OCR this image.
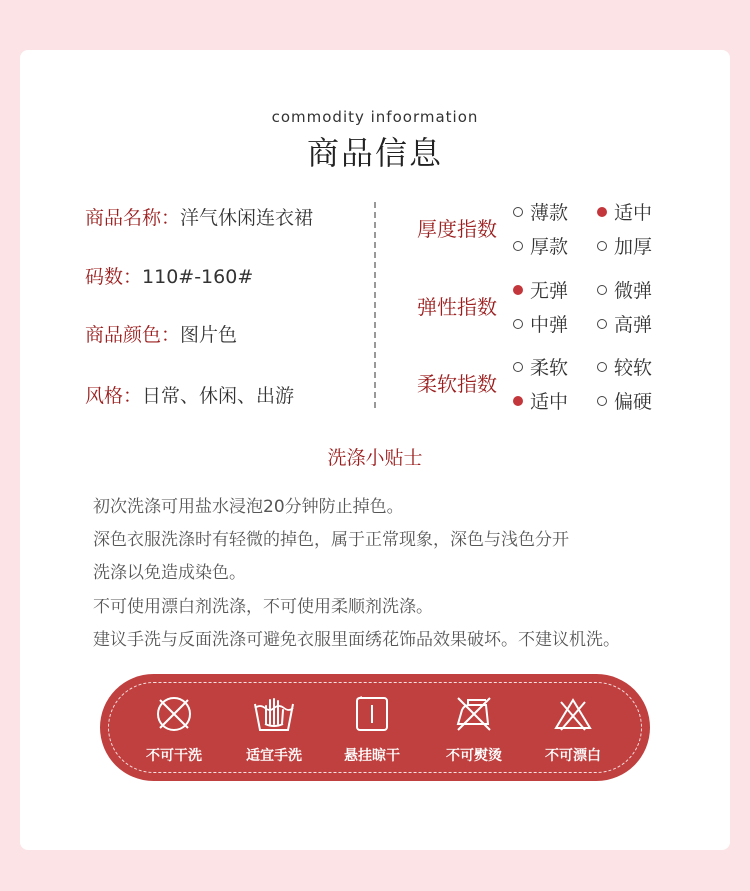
commodity infoormation
商品信息
商品名称：洋气休闲连衣裙
码数：110#-160#
商品颜色：图片色
风格：日常、休闲、出游
厚度指数
薄款 适中
厚款 加厚
弹性指数
无弹 微弹
中弹 高弹
柔软指数
柔软 较软
适中 偏硬
洗涤小贴士
初次洗涤可用盐水浸泡20分钟防止掉色。
深色衣服洗涤时有轻微的掉色，属于正常现象，深色与浅色分开
洗涤以免造成染色。
不可使用漂白剂洗涤，不可使用柔顺剂洗涤。
建议手洗与反面洗涤可避免衣服里面绣花饰品效果破坏。不建议机洗。
不可干洗	适宜手洗	悬挂晾干	不可熨烫	不可漂白
